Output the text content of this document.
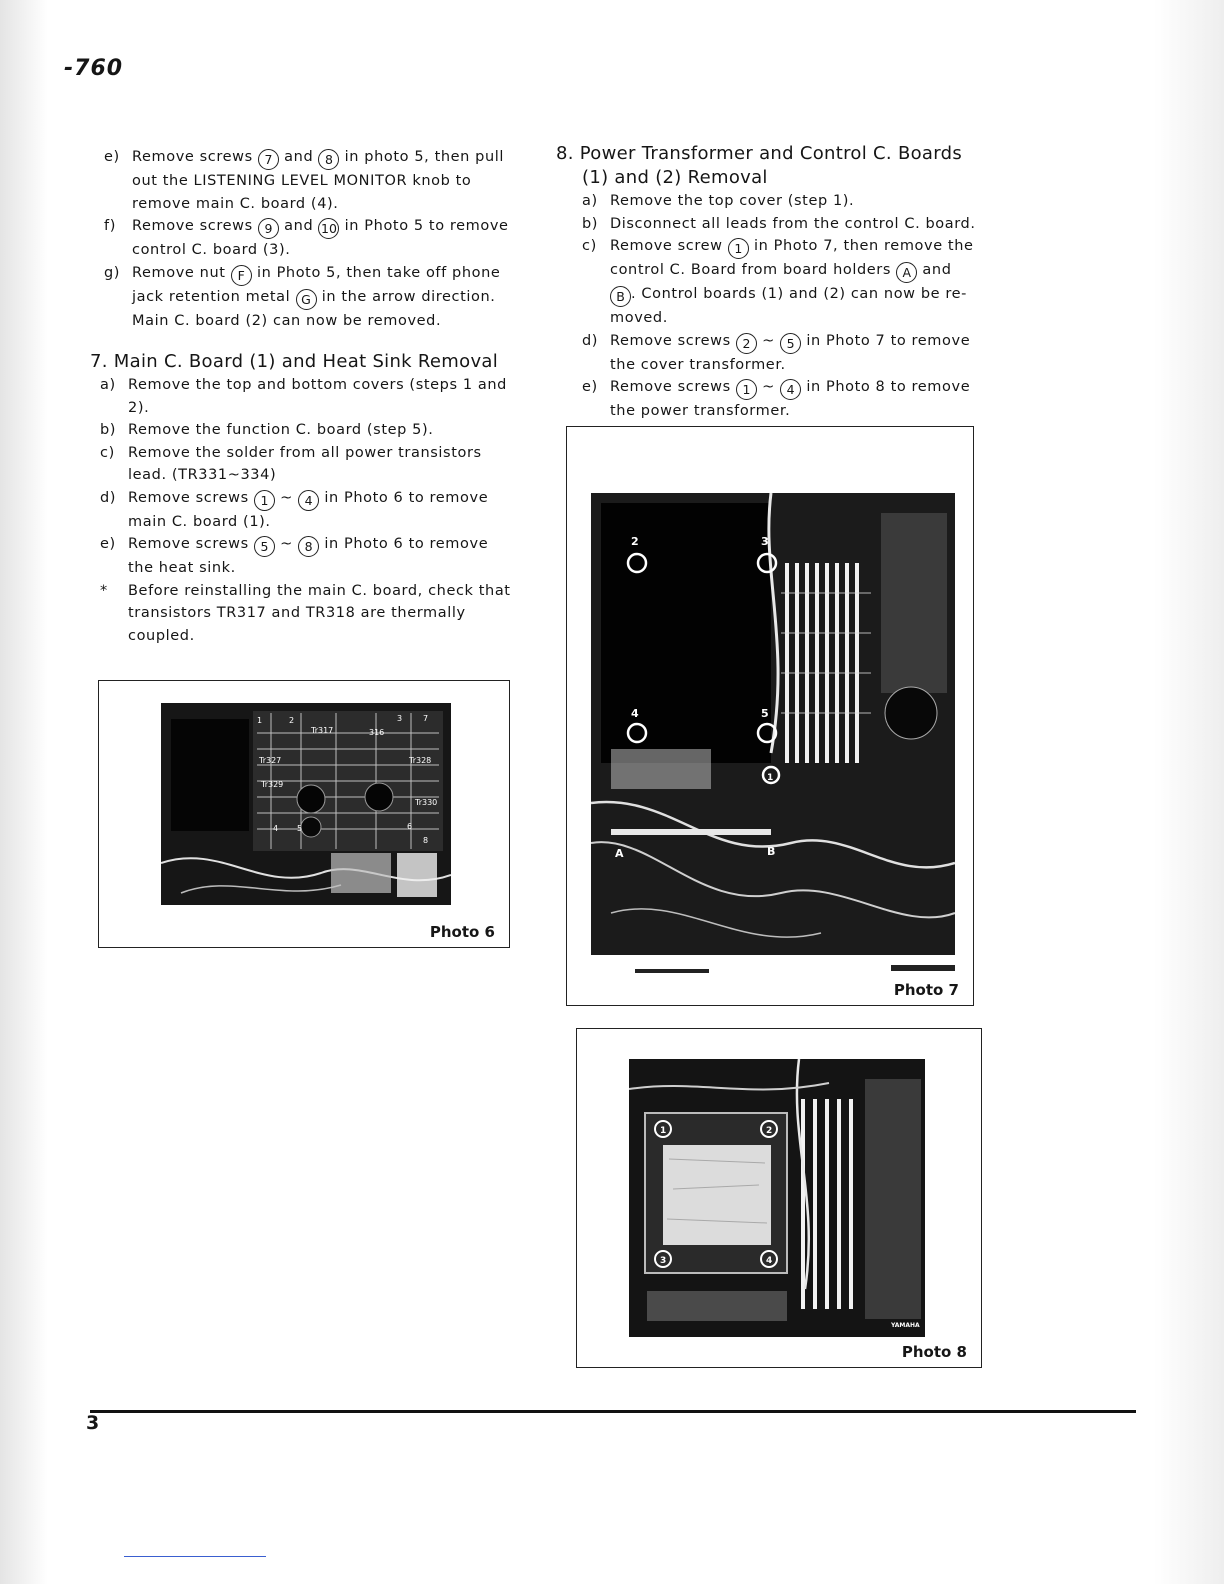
-760
e) Remove screws 7 and 8 in photo 5, then pull out the LISTENING LEVEL MONITOR knob to remove main C. board (4).
f) Remove screws 9 and 10 in Photo 5 to remove control C. board (3).
g) Remove nut F in Photo 5, then take off phone jack retention metal G in the arrow direction. Main C. board (2) can now be removed.
7. Main C. Board (1) and Heat Sink Removal
a) Remove the top and bottom covers (steps 1 and 2).
b) Remove the function C. board (step 5).
c) Remove the solder from all power transistors lead. (TR331~334)
d) Remove screws 1 ~ 4 in Photo 6 to remove main C. board (1).
e) Remove screws 5 ~ 8 in Photo 6 to remove the heat sink.
* Before reinstalling the main C. board, check that transistors TR317 and TR318 are thermally coupled.
8. Power Transformer and Control C. Boards
(1) and (2) Removal
a) Remove the top cover (step 1).
b) Disconnect all leads from the control C. board.
c) Remove screw 1 in Photo 7, then remove the control C. Board from board holders A and B . Control boards (1) and (2) can now be re-moved.
d) Remove screws 2 ~ 5 in Photo 7 to remove the cover transformer.
e) Remove screws 1 ~ 4 in Photo 8 to remove the power transformer.
Tr317	316
Tr327	Tr328
Tr329
Tr330
1	2	3
4 5	6
7
8
Photo 6
2	3
4	5
1
A	B
Photo 7
1	2
3	4
YAMAHA
Photo 8
3
